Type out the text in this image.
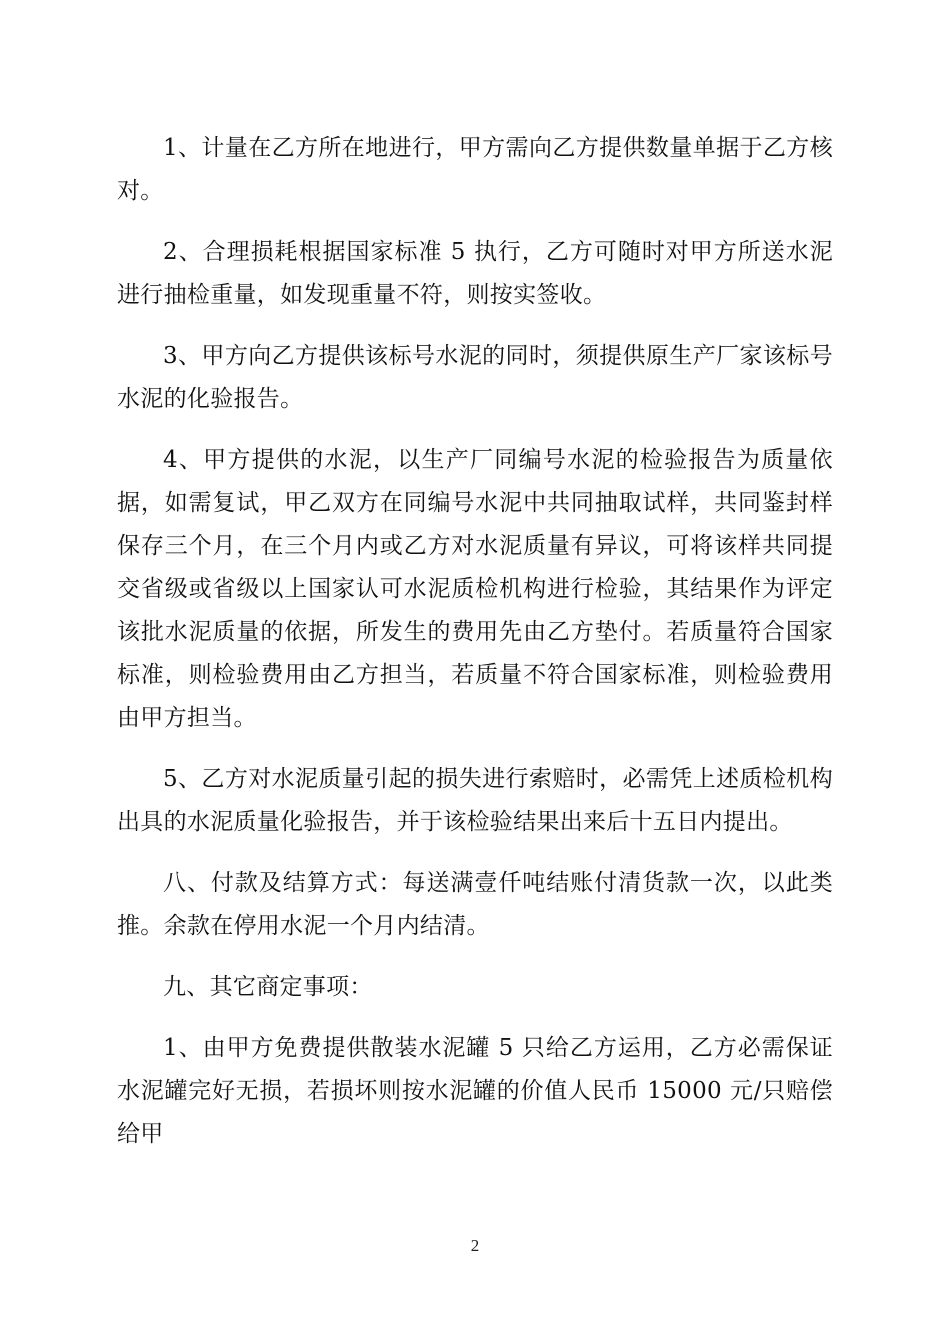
1、计量在乙方所在地进行，甲方需向乙方提供数量单据于乙方核对。

2、合理损耗根据国家标准 5 执行，乙方可随时对甲方所送水泥进行抽检重量，如发现重量不符，则按实签收。

3、甲方向乙方提供该标号水泥的同时，须提供原生产厂家该标号水泥的化验报告。

4、甲方提供的水泥，以生产厂同编号水泥的检验报告为质量依据，如需复试，甲乙双方在同编号水泥中共同抽取试样，共同鉴封样保存三个月，在三个月内或乙方对水泥质量有异议，可将该样共同提交省级或省级以上国家认可水泥质检机构进行检验，其结果作为评定该批水泥质量的依据，所发生的费用先由乙方垫付。若质量符合国家标准，则检验费用由乙方担当，若质量不符合国家标准，则检验费用由甲方担当。

5、乙方对水泥质量引起的损失进行索赔时，必需凭上述质检机构出具的水泥质量化验报告，并于该检验结果出来后十五日内提出。

八、付款及结算方式：每送满壹仟吨结账付清货款一次，以此类推。余款在停用水泥一个月内结清。

九、其它商定事项：

1、由甲方免费提供散装水泥罐 5 只给乙方运用，乙方必需保证水泥罐完好无损，若损坏则按水泥罐的价值人民币 15000 元/只赔偿给甲

2
